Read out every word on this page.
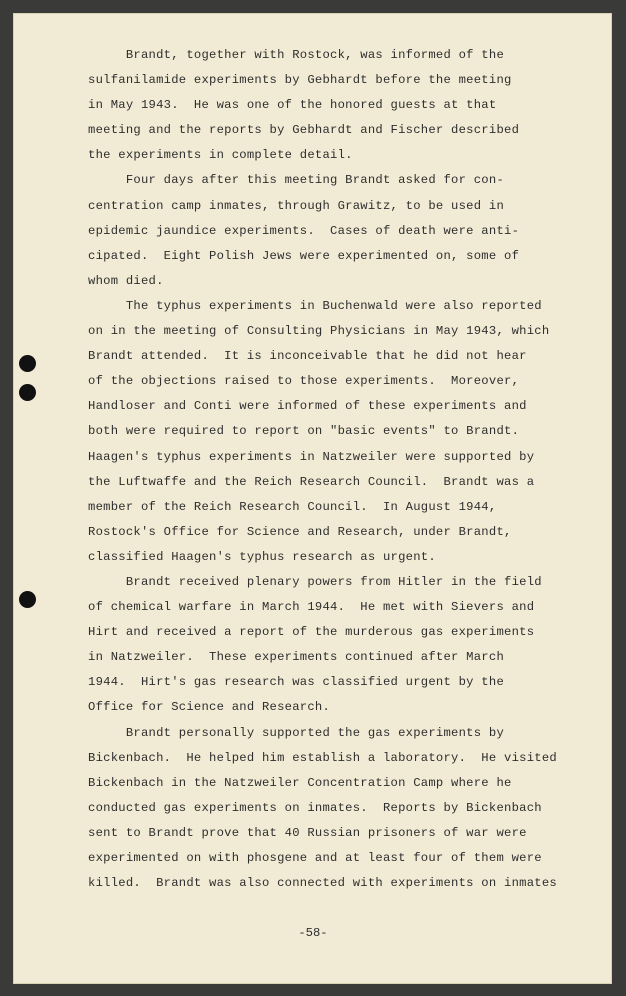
Brandt, together with Rostock, was informed of the
sulfanilamide experiments by Gebhardt before the meeting
in May 1943.  He was one of the honored guests at that
meeting and the reports by Gebhardt and Fischer described
the experiments in complete detail.
Four days after this meeting Brandt asked for con-
centration camp inmates, through Grawitz, to be used in
epidemic jaundice experiments.  Cases of death were anti-
cipated.  Eight Polish Jews were experimented on, some of
whom died.
The typhus experiments in Buchenwald were also reported
on in the meeting of Consulting Physicians in May 1943, which
Brandt attended.  It is inconceivable that he did not hear
of the objections raised to those experiments.  Moreover,
Handloser and Conti were informed of these experiments and
both were required to report on "basic events" to Brandt.
Haagen's typhus experiments in Natzweiler were supported by
the Luftwaffe and the Reich Research Council.  Brandt was a
member of the Reich Research Council.  In August 1944,
Rostock's Office for Science and Research, under Brandt,
classified Haagen's typhus research as urgent.
Brandt received plenary powers from Hitler in the field
of chemical warfare in March 1944.  He met with Sievers and
Hirt and received a report of the murderous gas experiments
in Natzweiler.  These experiments continued after March
1944.  Hirt's gas research was classified urgent by the
Office for Science and Research.
Brandt personally supported the gas experiments by
Bickenbach.  He helped him establish a laboratory.  He visited
Bickenbach in the Natzweiler Concentration Camp where he
conducted gas experiments on inmates.  Reports by Bickenbach
sent to Brandt prove that 40 Russian prisoners of war were
experimented on with phosgene and at least four of them were
killed.  Brandt was also connected with experiments on inmates
-58-
